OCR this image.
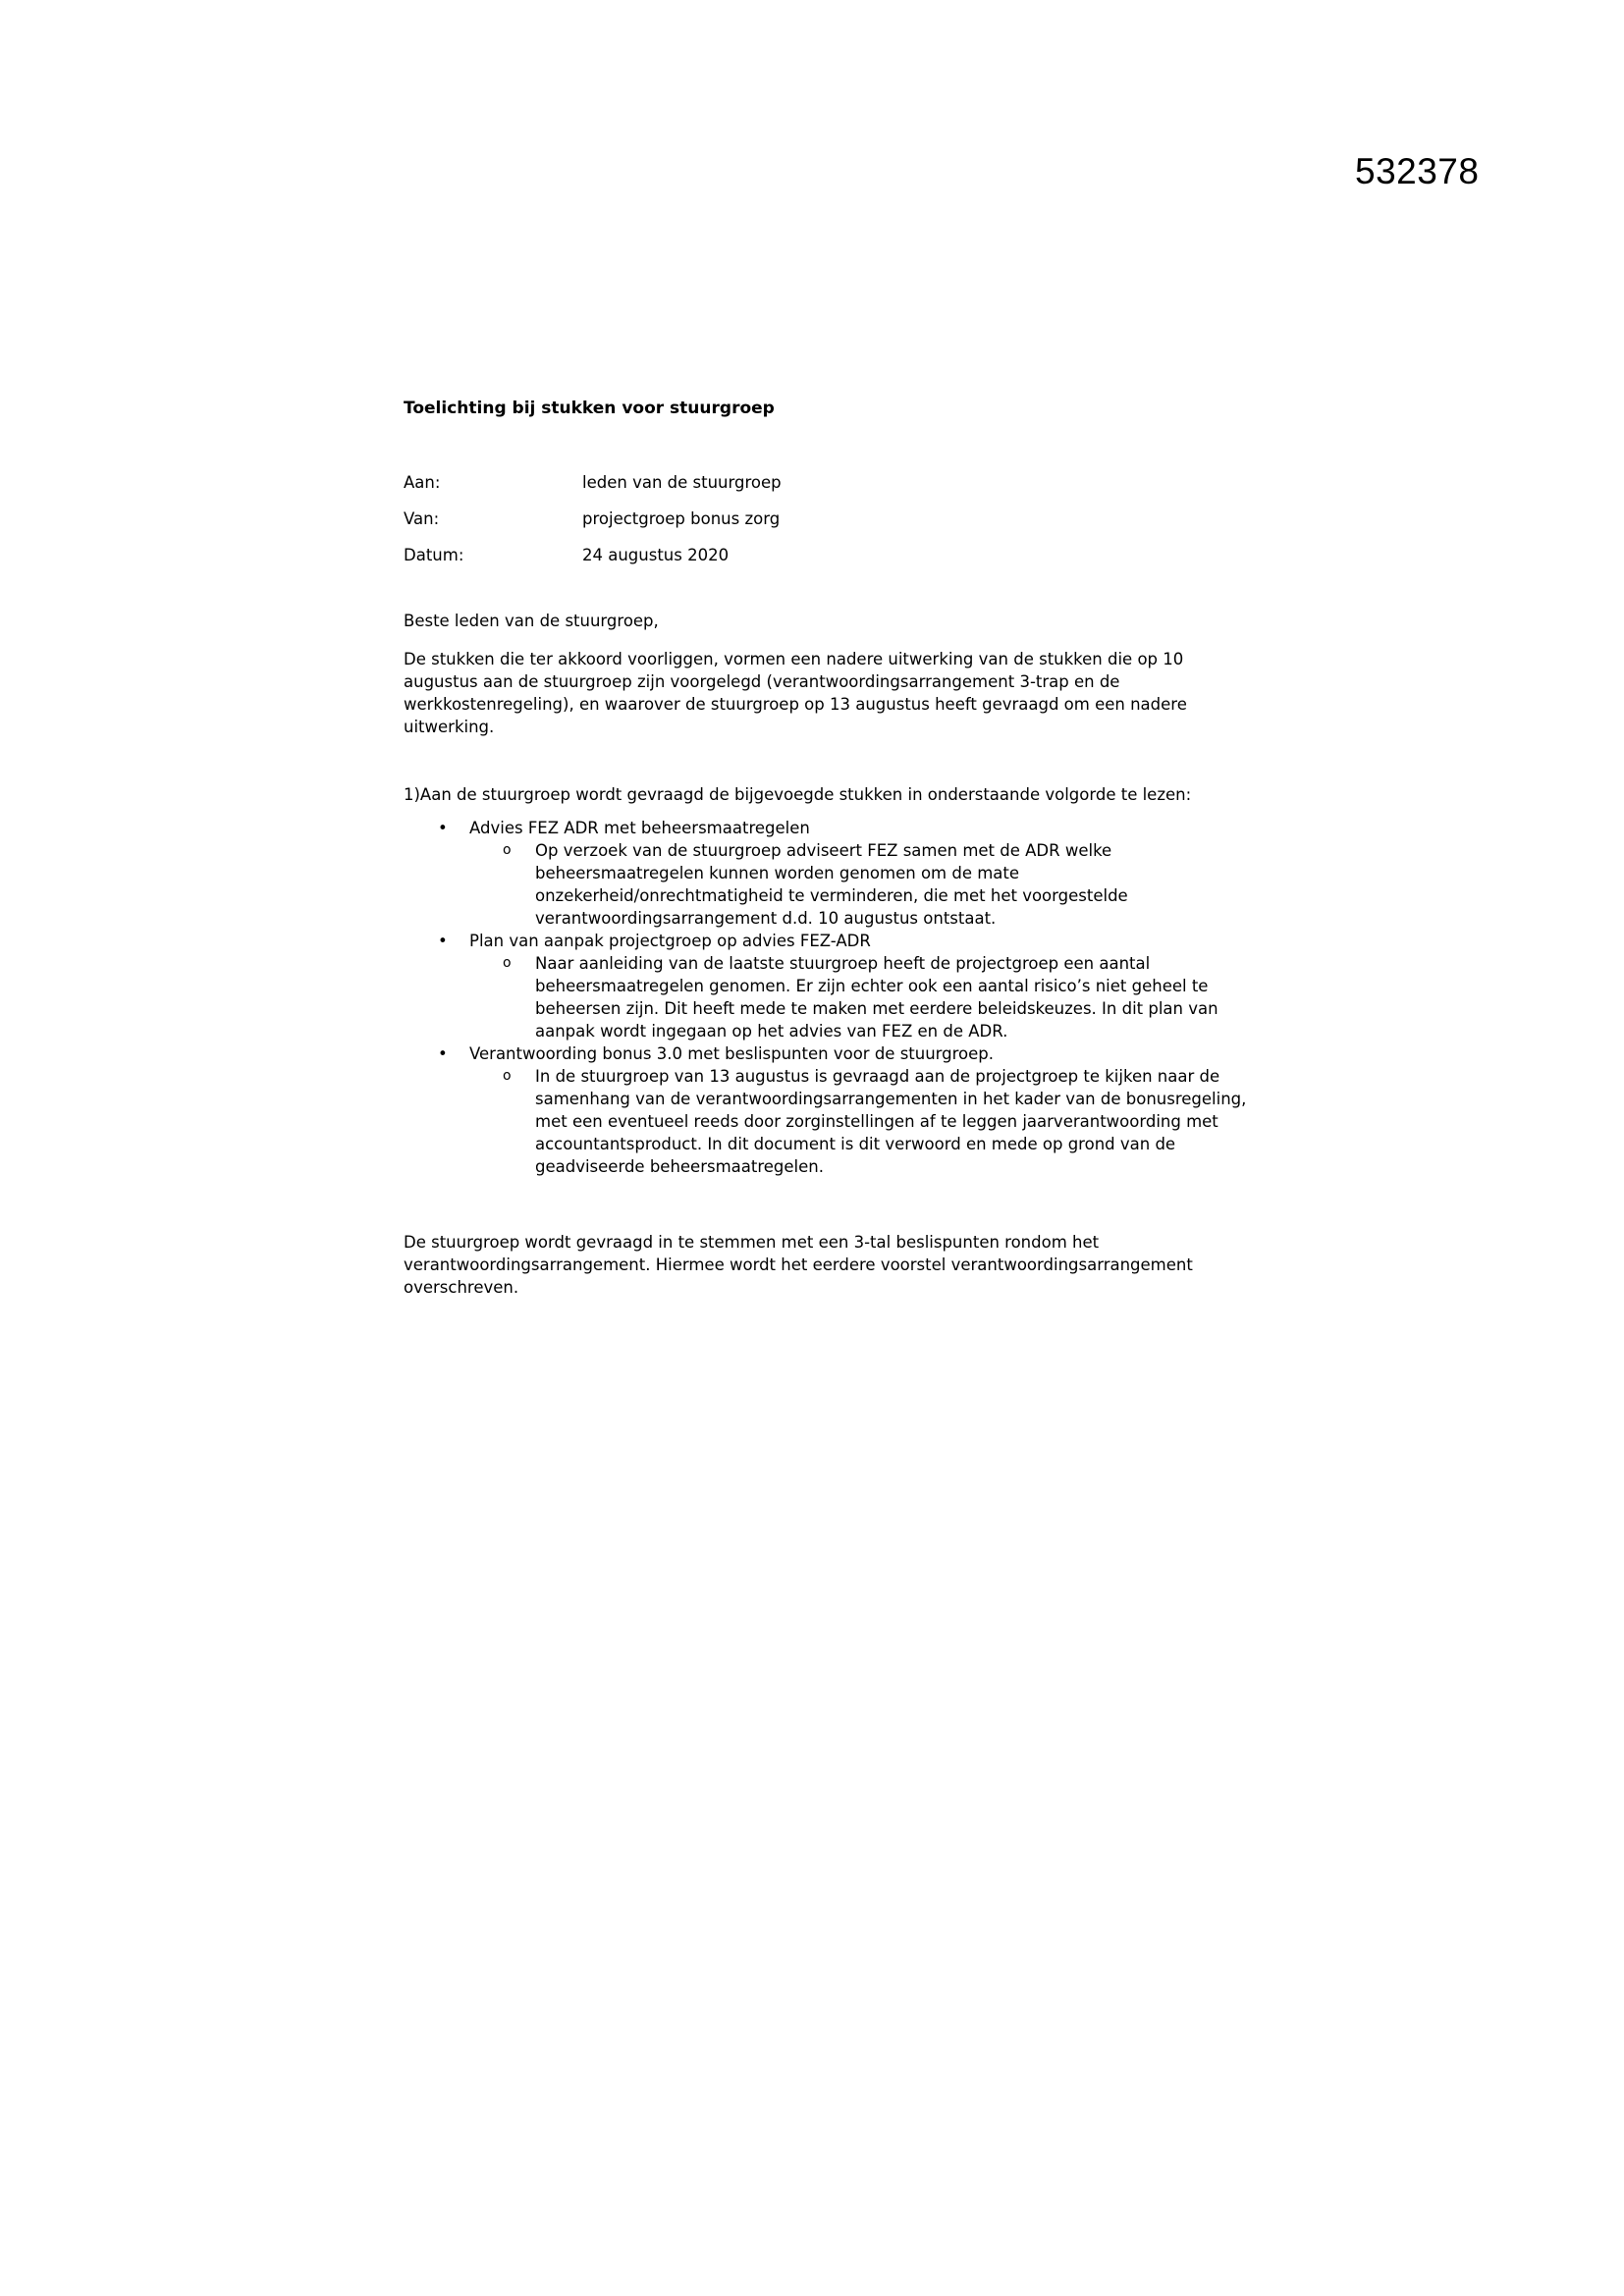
532378

Toelichting bij stukken voor stuurgroep

Aan:	leden van de stuurgroep
Van:	projectgroep bonus zorg
Datum:	24 augustus 2020
Beste leden van de stuurgroep,
De stukken die ter akkoord voorliggen, vormen een nadere uitwerking van de stukken die op 10 augustus aan de stuurgroep zijn voorgelegd (verantwoordingsarrangement 3-trap en de werkkostenregeling), en waarover de stuurgroep op 13 augustus heeft gevraagd om een nadere uitwerking.
1)Aan de stuurgroep wordt gevraagd de bijgevoegde stukken in onderstaande volgorde te lezen:
• Advies FEZ ADR met beheersmaatregelen
o Op verzoek van de stuurgroep adviseert FEZ samen met de ADR welke beheersmaatregelen kunnen worden genomen om de mate onzekerheid/onrechtmatigheid te verminderen, die met het voorgestelde verantwoordingsarrangement d.d. 10 augustus ontstaat.
• Plan van aanpak projectgroep op advies FEZ-ADR
o Naar aanleiding van de laatste stuurgroep heeft de projectgroep een aantal beheersmaatregelen genomen. Er zijn echter ook een aantal risico’s niet geheel te beheersen zijn. Dit heeft mede te maken met eerdere beleidskeuzes. In dit plan van aanpak wordt ingegaan op het advies van FEZ en de ADR.
• Verantwoording bonus 3.0 met beslispunten voor de stuurgroep.
o In de stuurgroep van 13 augustus is gevraagd aan de projectgroep te kijken naar de samenhang van de verantwoordingsarrangementen in het kader van de bonusregeling, met een eventueel reeds door zorginstellingen af te leggen jaarverantwoording met accountantsproduct. In dit document is dit verwoord en mede op grond van de geadviseerde beheersmaatregelen.
De stuurgroep wordt gevraagd in te stemmen met een 3-tal beslispunten rondom het verantwoordingsarrangement. Hiermee wordt het eerdere voorstel verantwoordingsarrangement overschreven.
